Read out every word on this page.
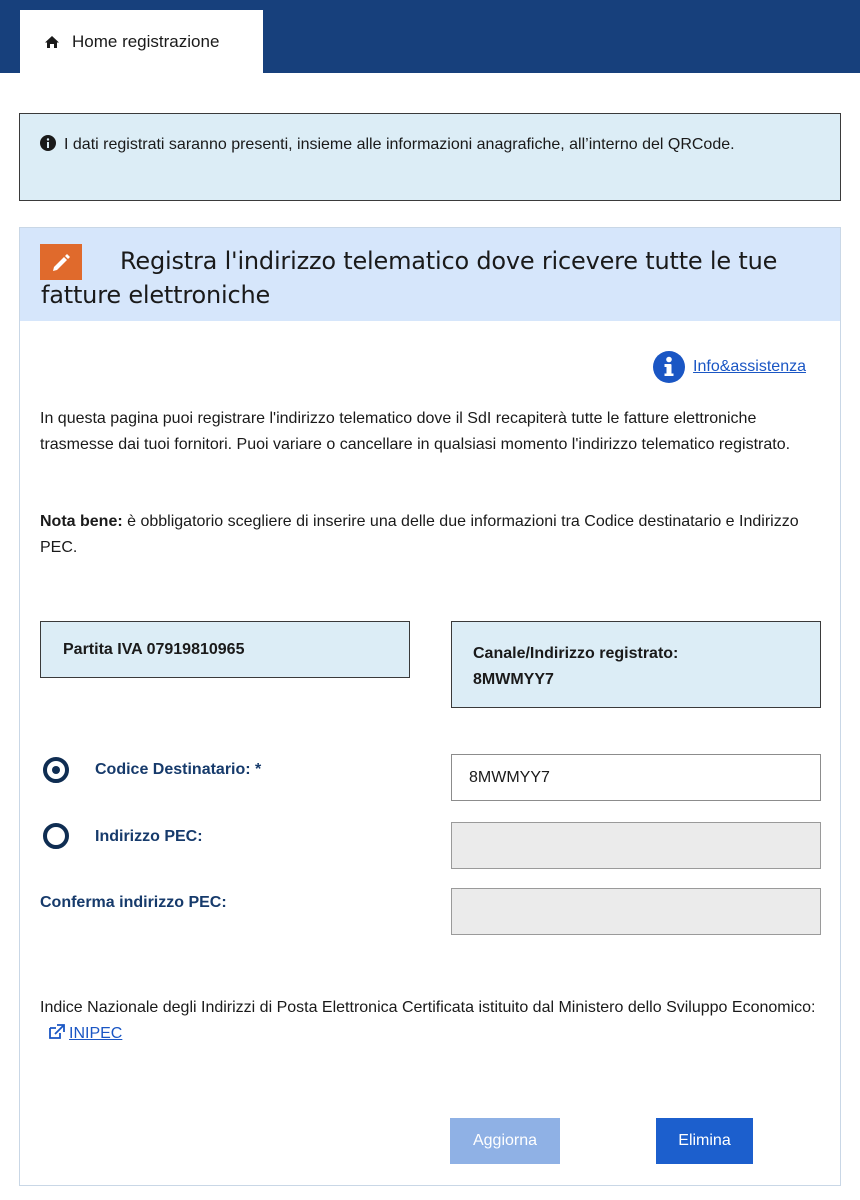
Home registrazione
I dati registrati saranno presenti, insieme alle informazioni anagrafiche, all’interno del QRCode.
Registra l'indirizzo telematico dove ricevere tutte le tue fatture elettroniche
Info&assistenza

In questa pagina puoi registrare l'indirizzo telematico dove il SdI recapiterà tutte le fatture elettroniche trasmesse dai tuoi fornitori. Puoi variare o cancellare in qualsiasi momento l'indirizzo telematico registrato.

Nota bene: è obbligatorio scegliere di inserire una delle due informazioni tra Codice destinatario e Indirizzo PEC.

Partita IVA 07919810965	Canale/Indirizzo registrato:
8MWMYY7
Codice Destinatario: *	8MWMYY7
Indirizzo PEC:
Conferma indirizzo PEC:

Indice Nazionale degli Indirizzi di Posta Elettronica Certificata istituito dal Ministero dello Sviluppo Economico:INIPEC

Aggiorna	Elimina
